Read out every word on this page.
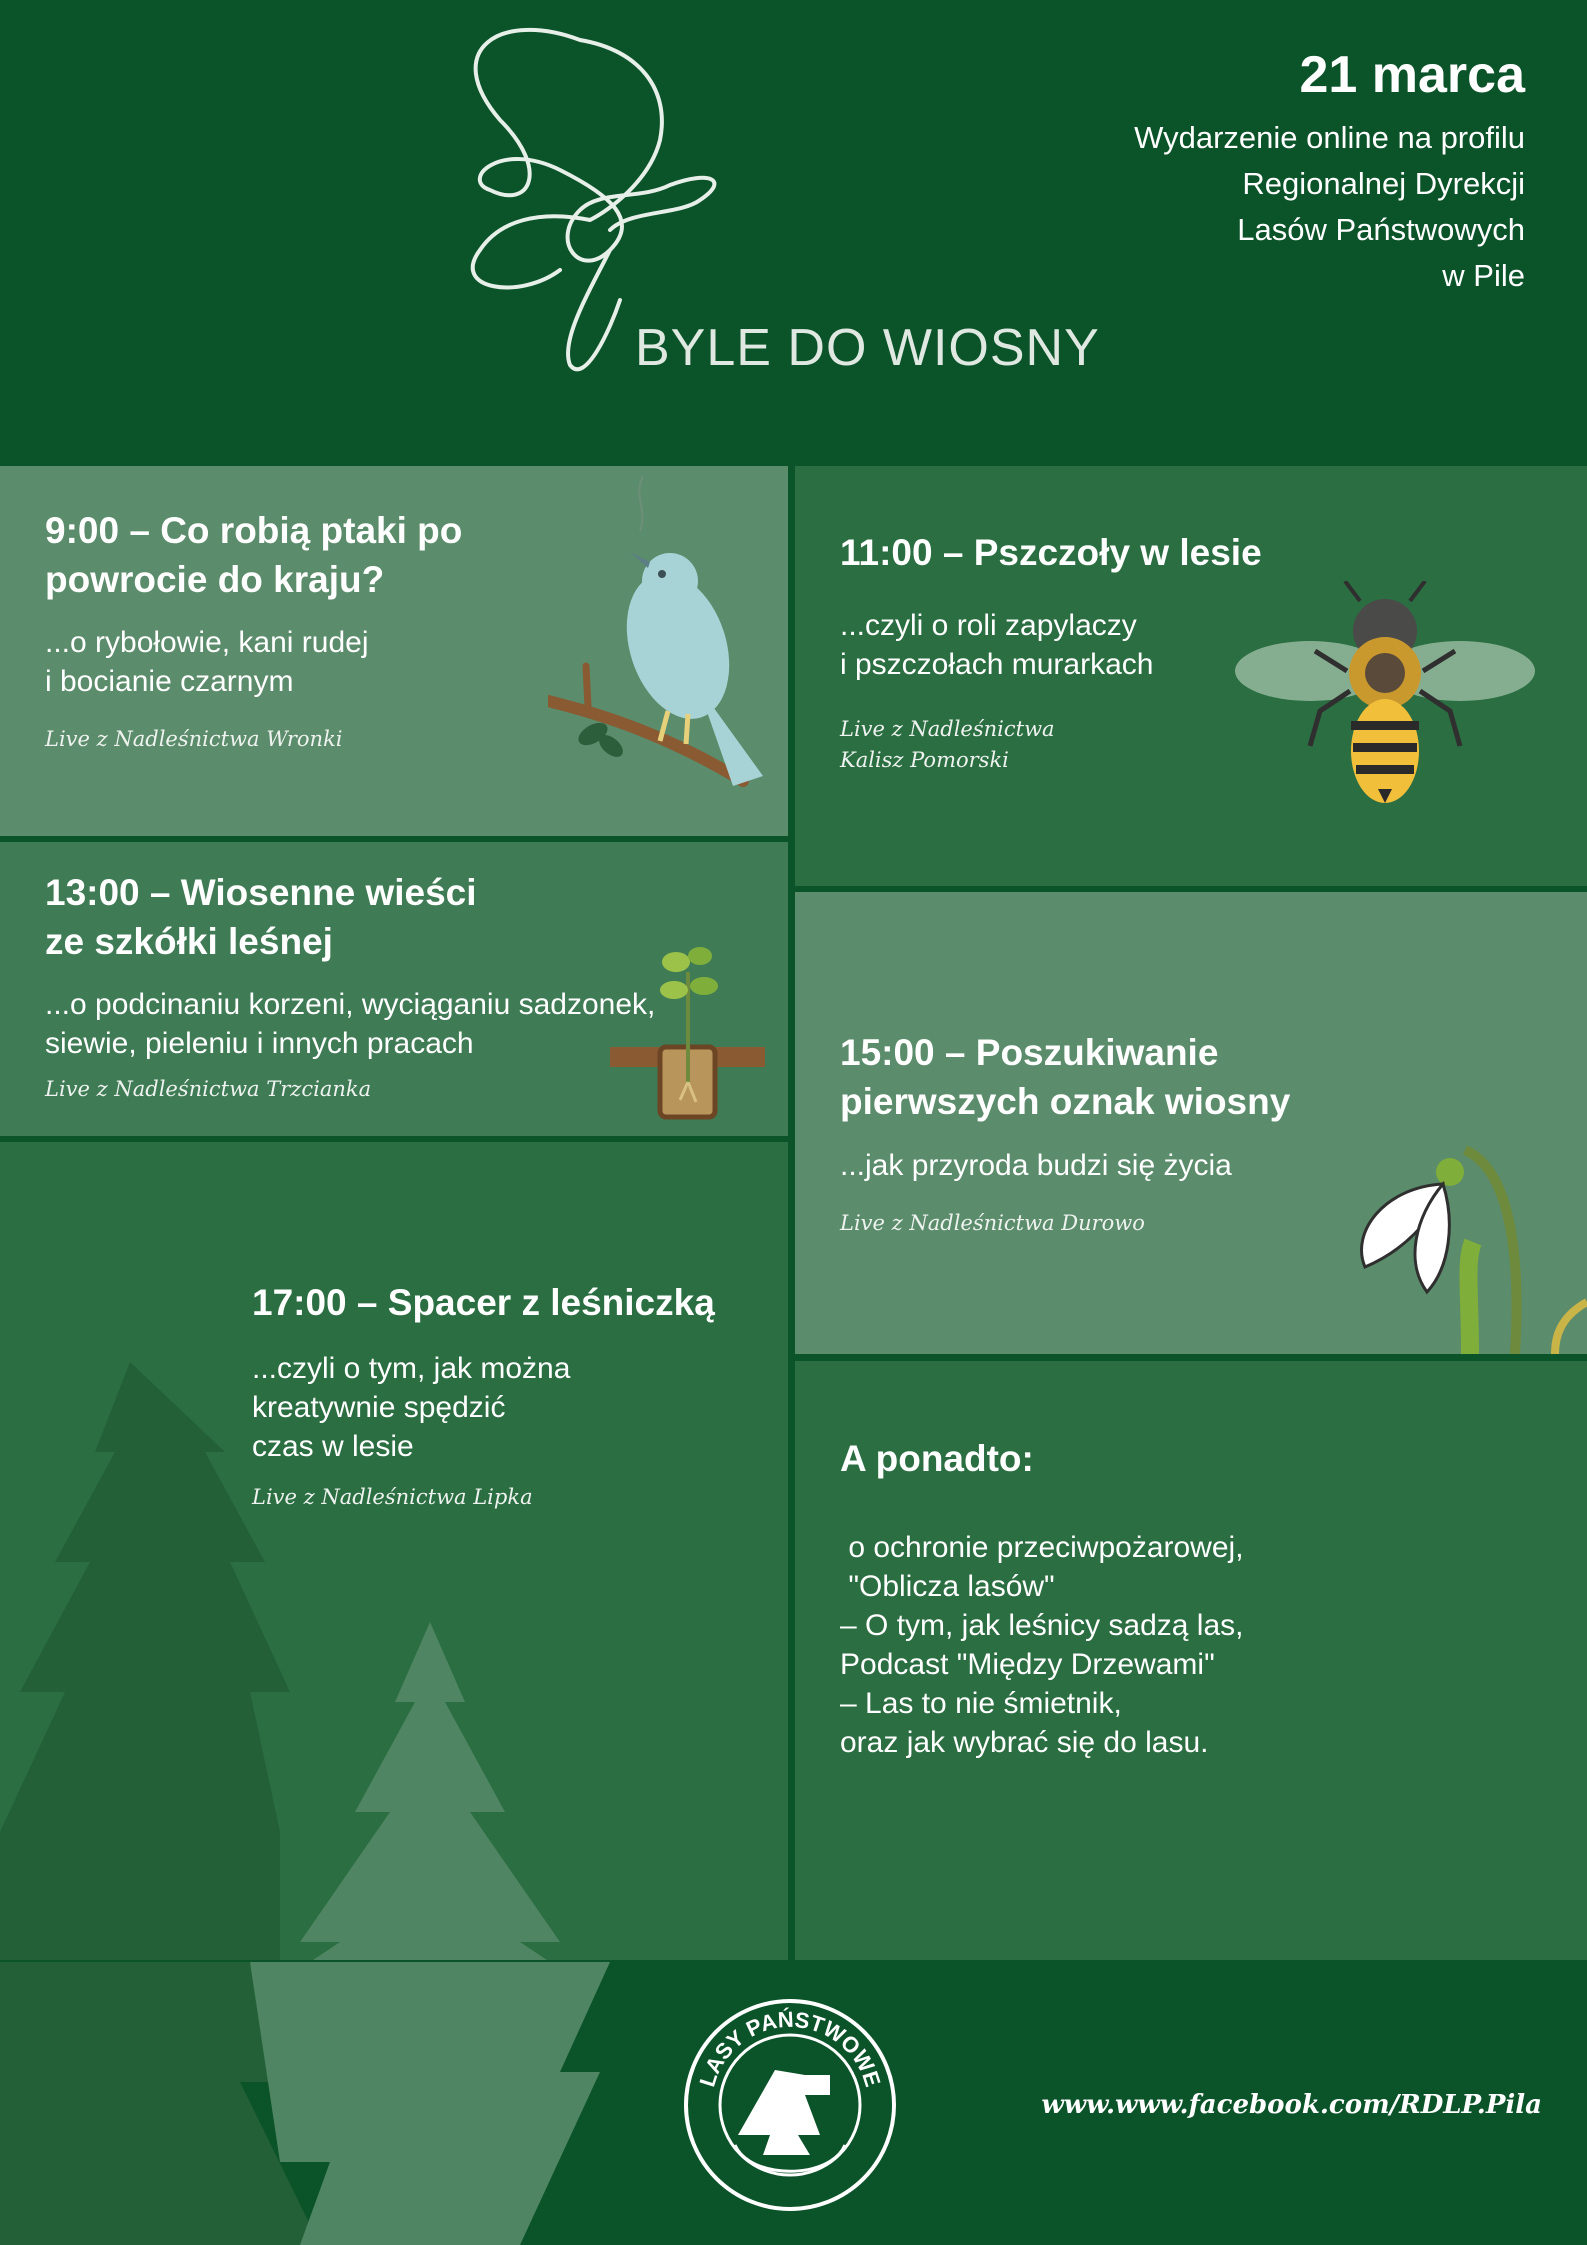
BYLE DO WIOSNY
21 marca
Wydarzenie online na profilu
Regionalnej Dyrekcji
Lasów Państwowych
w Pile
9:00 – Co robią ptaki po
powrocie do kraju?
...o rybołowie, kani rudej
i bocianie czarnym
Live z Nadleśnictwa Wronki
11:00 – Pszczoły w lesie
...czyli o roli zapylaczy
i pszczołach murarkach
Live z Nadleśnictwa
Kalisz Pomorski
13:00 – Wiosenne wieści
ze szkółki leśnej
...o podcinaniu korzeni, wyciąganiu sadzonek,
siewie, pieleniu i innych pracach
Live z Nadleśnictwa Trzcianka
15:00 – Poszukiwanie
pierwszych oznak wiosny
...jak przyroda budzi się życia
Live z Nadleśnictwa Durowo
17:00 – Spacer z leśniczką
...czyli o tym, jak można
kreatywnie spędzić
czas w lesie
Live z Nadleśnictwa Lipka
A ponadto:
o ochronie przeciwpożarowej,
"Oblicza lasów"
– O tym, jak leśnicy sadzą las,
Podcast "Między Drzewami"
– Las to nie śmietnik,
oraz jak wybrać się do lasu.
LASY PAŃSTWOWE
www.www.facebook.com/RDLP.Pila
